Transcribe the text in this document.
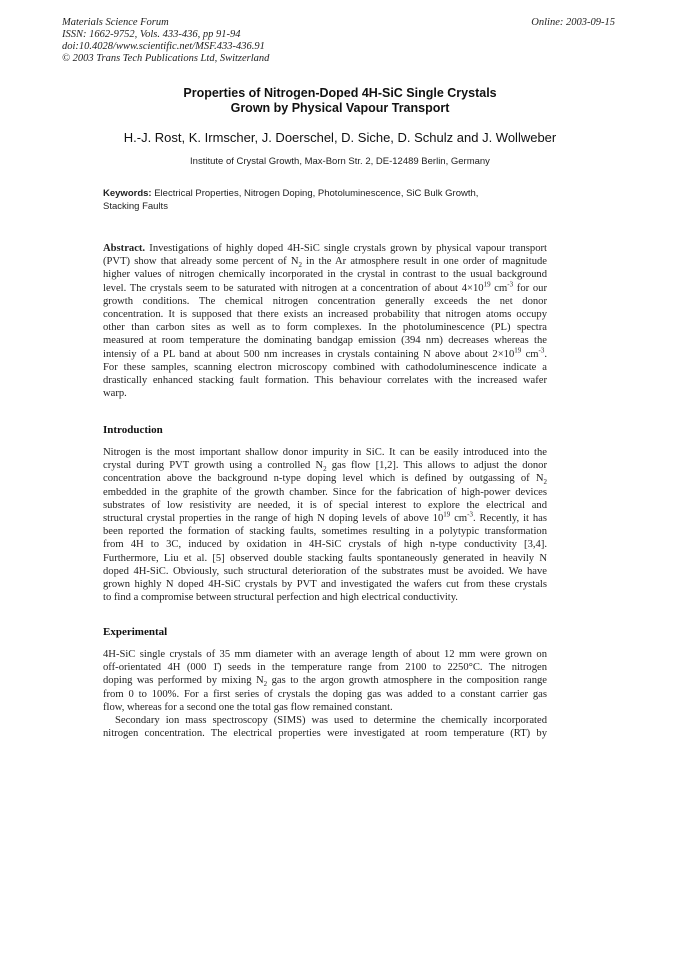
Materials Science Forum
ISSN: 1662-9752, Vols. 433-436, pp 91-94
doi:10.4028/www.scientific.net/MSF.433-436.91
© 2003 Trans Tech Publications Ltd, Switzerland
Online: 2003-09-15
Properties of Nitrogen-Doped 4H-SiC Single Crystals
Grown by Physical Vapour Transport
H.-J. Rost, K. Irmscher, J. Doerschel, D. Siche, D. Schulz and J. Wollweber
Institute of Crystal Growth, Max-Born Str. 2, DE-12489 Berlin, Germany
Keywords: Electrical Properties, Nitrogen Doping, Photoluminescence, SiC Bulk Growth,
Stacking Faults
Abstract. Investigations of highly doped 4H-SiC single crystals grown by physical vapour transport
(PVT) show that already some percent of $N_2$ in the Ar atmosphere result in one order of magnitude
higher values of nitrogen chemically incorporated in the crystal in contrast to the usual background
level. The crystals seem to be saturated with nitrogen at a concentration of about $4\times 10^{19}$ $cm^{-3}$ for our
growth conditions. The chemical nitrogen concentration generally exceeds the net donor
concentration. It is supposed that there exists an increased probability that nitrogen atoms occupy
other than carbon sites as well as to form complexes. In the photoluminescence (PL) spectra
measured at room temperature the dominating bandgap emission (394 nm) decreases whereas the
intensiy of a PL band at about 500 nm increases in crystals containing N above about $2\times 10^{19}$ $cm^{-3}$.
For these samples, scanning electron microscopy combined with cathodoluminescence indicate a
drastically enhanced stacking fault formation. This behaviour correlates with the increased wafer
warp.
Introduction
Nitrogen is the most important shallow donor impurity in SiC. It can be easily introduced into the
crystal during PVT growth using a controlled $N_2$ gas flow [1,2]. This allows to adjust the donor
concentration above the background n-type doping level which is defined by outgassing of $N_2$
embedded in the graphite of the growth chamber. Since for the fabrication of high-power devices
substrates of low resistivity are needed, it is of special interest to explore the electrical and
structural crystal properties in the range of high N doping levels of above $10^{19}$ $cm^{-3}$. Recently, it has
been reported the formation of stacking faults, sometimes resulting in a polytypic transformation
from 4H to 3C, induced by oxidation in 4H-SiC crystals of high n-type conductivity [3,4].
Furthermore, Liu et al. [5] observed double stacking faults spontaneously generated in heavily N
doped 4H-SiC. Obviously, such structural deterioration of the substrates must be avoided. We have
grown highly N doped 4H-SiC crystals by PVT and investigated the wafers cut from these crystals
to find a compromise between structural perfection and high electrical conductivity.
Experimental
4H-SiC single crystals of 35 mm diameter with an average length of about 12 mm were grown on
off-orientated 4H (000 1̄) seeds in the temperature range from 2100 to 2250°C. The nitrogen
doping was performed by mixing $N_2$ gas to the argon growth atmosphere in the composition range
from 0 to 100%. For a first series of crystals the doping gas was added to a constant carrier gas
flow, whereas for a second one the total gas flow remained constant.
Secondary ion mass spectroscopy (SIMS) was used to determine the chemically incorporated
nitrogen concentration. The electrical properties were investigated at room temperature (RT) by
